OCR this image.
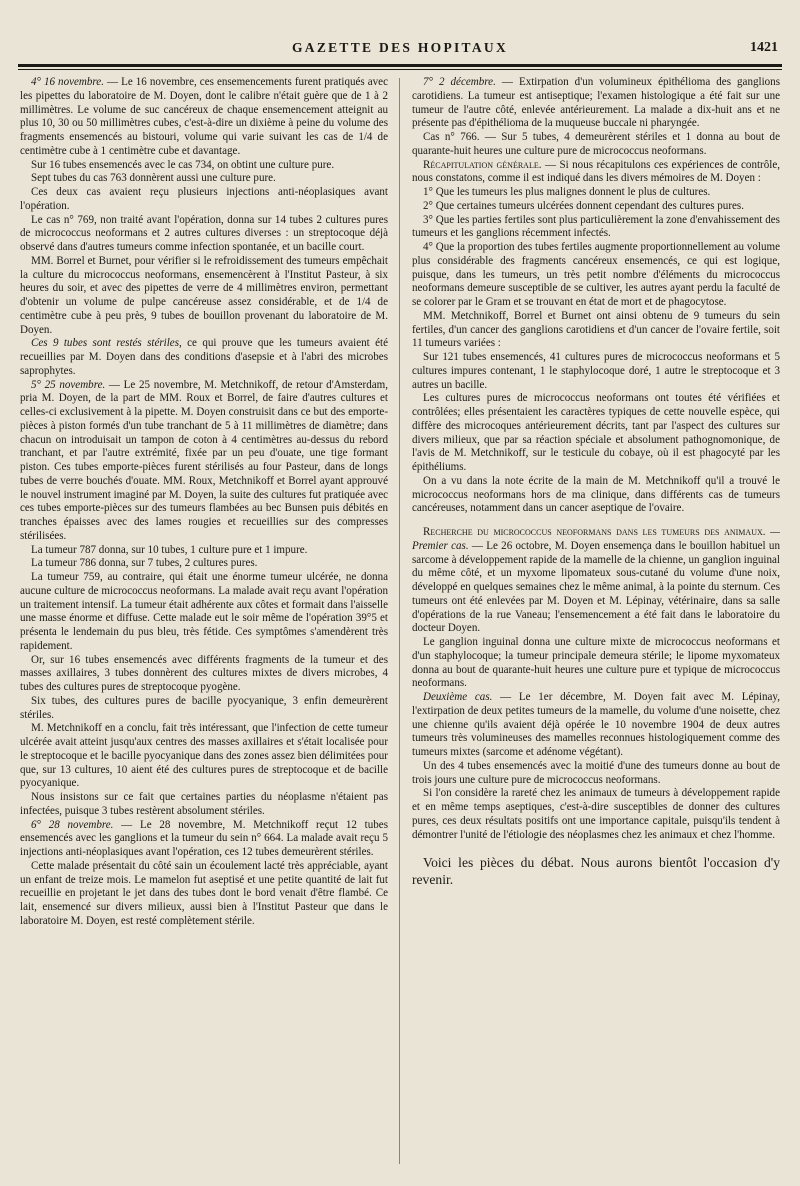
GAZETTE DES HOPITAUX	1421

4° 16 novembre. — Le 16 novembre, ces ensemencements furent pratiqués avec les pipettes du laboratoire de M. Doyen, dont le calibre n'était guère que de 1 à 2 millimètres. Le volume de suc cancéreux de chaque ensemencement atteignit au plus 10, 30 ou 50 millimètres cubes, c'est-à-dire un dixième à peine du volume des fragments ensemencés au bistouri, volume qui varie suivant les cas de 1/4 de centimètre cube à 1 centimètre cube et davantage.

Sur 16 tubes ensemencés avec le cas 734, on obtint une culture pure.

Sept tubes du cas 763 donnèrent aussi une culture pure.

Ces deux cas avaient reçu plusieurs injections anti-néoplasiques avant l'opération.

Le cas n° 769, non traité avant l'opération, donna sur 14 tubes 2 cultures pures de micrococcus neoformans et 2 autres cultures diverses : un streptocoque déjà observé dans d'autres tumeurs comme infection spontanée, et un bacille court.

MM. Borrel et Burnet, pour vérifier si le refroidissement des tumeurs empêchait la culture du micrococcus neoformans, ensemencèrent à l'Institut Pasteur, à six heures du soir, et avec des pipettes de verre de 4 millimètres environ, permettant d'obtenir un volume de pulpe cancéreuse assez considérable, et de 1/4 de centimètre cube à peu près, 9 tubes de bouillon provenant du laboratoire de M. Doyen.

Ces 9 tubes sont restés stériles, ce qui prouve que les tumeurs avaient été recueillies par M. Doyen dans des conditions d'asepsie et à l'abri des microbes saprophytes.

5° 25 novembre. — Le 25 novembre, M. Metchnikoff, de retour d'Amsterdam, pria M. Doyen, de la part de MM. Roux et Borrel, de faire d'autres cultures et celles-ci exclusivement à la pipette. M. Doyen construisit dans ce but des emporte-pièces à piston formés d'un tube tranchant de 5 à 11 millimètres de diamètre; dans chacun on introduisait un tampon de coton à 4 centimètres au-dessus du rebord tranchant, et par l'autre extrémité, fixée par un peu d'ouate, une tige formant piston. Ces tubes emporte-pièces furent stérilisés au four Pasteur, dans de longs tubes de verre bouchés d'ouate. MM. Roux, Metchnikoff et Borrel ayant approuvé le nouvel instrument imaginé par M. Doyen, la suite des cultures fut pratiquée avec ces tubes emporte-pièces sur des tumeurs flambées au bec Bunsen puis débités en tranches épaisses avec des lames rougies et recueillies sur des compresses stérilisées.

La tumeur 787 donna, sur 10 tubes, 1 culture pure et 1 impure.

La tumeur 786 donna, sur 7 tubes, 2 cultures pures.

La tumeur 759, au contraire, qui était une énorme tumeur ulcérée, ne donna aucune culture de micrococcus neoformans. La malade avait reçu avant l'opération un traitement intensif. La tumeur était adhérente aux côtes et formait dans l'aisselle une masse énorme et diffuse. Cette malade eut le soir même de l'opération 39°5 et présenta le lendemain du pus bleu, très fétide. Ces symptômes s'amendèrent très rapidement.

Or, sur 16 tubes ensemencés avec différents fragments de la tumeur et des masses axillaires, 3 tubes donnèrent des cultures mixtes de divers microbes, 4 tubes des cultures pures de streptocoque pyogène.

Six tubes, des cultures pures de bacille pyocyanique, 3 enfin demeurèrent stériles.

M. Metchnikoff en a conclu, fait très intéressant, que l'infection de cette tumeur ulcérée avait atteint jusqu'aux centres des masses axillaires et s'était localisée pour le streptocoque et le bacille pyocyanique dans des zones assez bien délimitées pour que, sur 13 cultures, 10 aient été des cultures pures de streptocoque et de bacille pyocyanique.

Nous insistons sur ce fait que certaines parties du néoplasme n'étaient pas infectées, puisque 3 tubes restèrent absolument stériles.

6° 28 novembre. — Le 28 novembre, M. Metchnikoff reçut 12 tubes ensemencés avec les ganglions et la tumeur du sein n° 664. La malade avait reçu 5 injections anti-néoplasiques avant l'opération, ces 12 tubes demeurèrent stériles.

Cette malade présentait du côté sain un écoulement lacté très appréciable, ayant un enfant de treize mois. Le mamelon fut aseptisé et une petite quantité de lait fut recueillie en projetant le jet dans des tubes dont le bord venait d'être flambé. Ce lait, ensemencé sur divers milieux, aussi bien à l'Institut Pasteur que dans le laboratoire M. Doyen, est resté complètement stérile.

7° 2 décembre. — Extirpation d'un volumineux épithélioma des ganglions carotidiens. La tumeur est antiseptique; l'examen histologique a été fait sur une tumeur de l'autre côté, enlevée antérieurement. La malade a dix-huit ans et ne présente pas d'épithélioma de la muqueuse buccale ni pharyngée.

Cas n° 766. — Sur 5 tubes, 4 demeurèrent stériles et 1 donna au bout de quarante-huit heures une culture pure de micrococcus neoformans.

Récapitulation générale. — Si nous récapitulons ces expériences de contrôle, nous constatons, comme il est indiqué dans les divers mémoires de M. Doyen :

1° Que les tumeurs les plus malignes donnent le plus de cultures.

2° Que certaines tumeurs ulcérées donnent cependant des cultures pures.

3° Que les parties fertiles sont plus particulièrement la zone d'envahissement des tumeurs et les ganglions récemment infectés.

4° Que la proportion des tubes fertiles augmente proportionnellement au volume plus considérable des fragments cancéreux ensemencés, ce qui est logique, puisque, dans les tumeurs, un très petit nombre d'éléments du micrococcus neoformans demeure susceptible de se cultiver, les autres ayant perdu la faculté de se colorer par le Gram et se trouvant en état de mort et de phagocytose.

MM. Metchnikoff, Borrel et Burnet ont ainsi obtenu de 9 tumeurs du sein fertiles, d'un cancer des ganglions carotidiens et d'un cancer de l'ovaire fertile, soit 11 tumeurs variées :

Sur 121 tubes ensemencés, 41 cultures pures de micrococcus neoformans et 5 cultures impures contenant, 1 le staphylocoque doré, 1 autre le streptocoque et 3 autres un bacille.

Les cultures pures de micrococcus neoformans ont toutes été vérifiées et contrôlées; elles présentaient les caractères typiques de cette nouvelle espèce, qui diffère des microcoques antérieurement décrits, tant par l'aspect des cultures sur divers milieux, que par sa réaction spéciale et absolument pathognomonique, de l'avis de M. Metchnikoff, sur le testicule du cobaye, où il est phagocyté par les épithéliums.

On a vu dans la note écrite de la main de M. Metchnikoff qu'il a trouvé le micrococcus neoformans hors de ma clinique, dans différents cas de tumeurs cancéreuses, notamment dans un cancer aseptique de l'ovaire.

Recherche du micrococcus neoformans dans les tumeurs des animaux. — Premier cas. — Le 26 octobre, M. Doyen ensemença dans le bouillon habituel un sarcome à développement rapide de la mamelle de la chienne, un ganglion inguinal du même côté, et un myxome lipomateux sous-cutané du volume d'une noix, développé en quelques semaines chez le même animal, à la pointe du sternum. Ces tumeurs ont été enlevées par M. Doyen et M. Lépinay, vétérinaire, dans sa salle d'opérations de la rue Vaneau; l'ensemencement a été fait dans le laboratoire du docteur Doyen.

Le ganglion inguinal donna une culture mixte de micrococcus neoformans et d'un staphylocoque; la tumeur principale demeura stérile; le lipome myxomateux donna au bout de quarante-huit heures une culture pure et typique de micrococcus neoformans.

Deuxième cas. — Le 1er décembre, M. Doyen fait avec M. Lépinay, l'extirpation de deux petites tumeurs de la mamelle, du volume d'une noisette, chez une chienne qu'ils avaient déjà opérée le 10 novembre 1904 de deux autres tumeurs très volumineuses des mamelles reconnues histologiquement comme des tumeurs mixtes (sarcome et adénome végétant).

Un des 4 tubes ensemencés avec la moitié d'une des tumeurs donne au bout de trois jours une culture pure de micrococcus neoformans.

Si l'on considère la rareté chez les animaux de tumeurs à développement rapide et en même temps aseptiques, c'est-à-dire susceptibles de donner des cultures pures, ces deux résultats positifs ont une importance capitale, puisqu'ils tendent à démontrer l'unité de l'étiologie des néoplasmes chez les animaux et chez l'homme.

Voici les pièces du débat. Nous aurons bientôt l'occasion d'y revenir.
